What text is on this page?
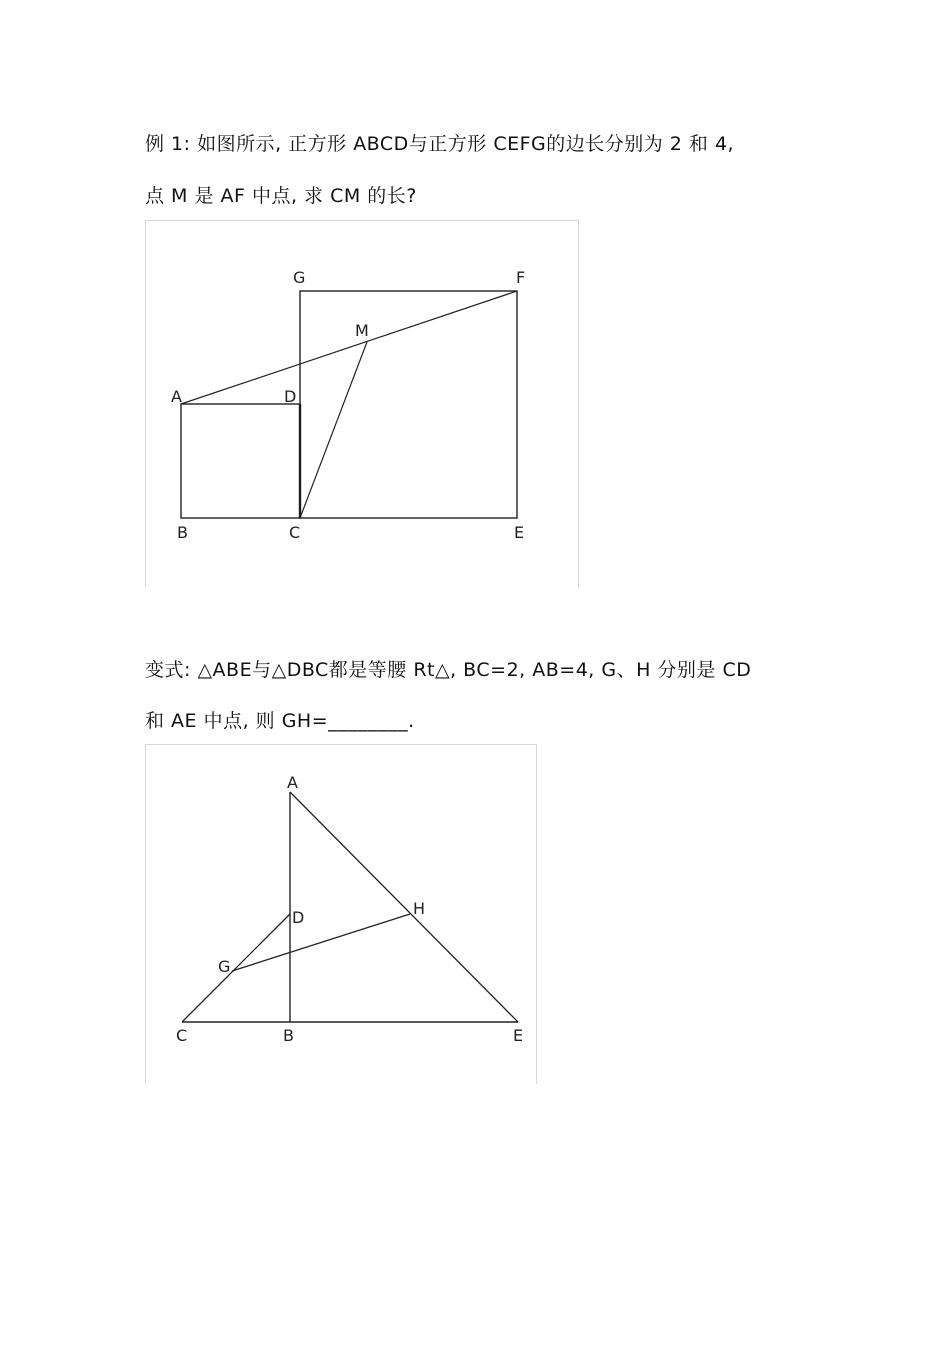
例 1: 如图所示, 正方形 ABCD与正方形 CEFG的边长分别为 2 和 4,
点 M 是 AF 中点, 求 CM 的长?
G	F
M
A	D
B	C	E
变式: △ABE与△DBC都是等腰 Rt△, BC=2, AB=4, G、H 分别是 CD
和 AE 中点, 则 GH=________.
A
D	H
G
C	B	E
